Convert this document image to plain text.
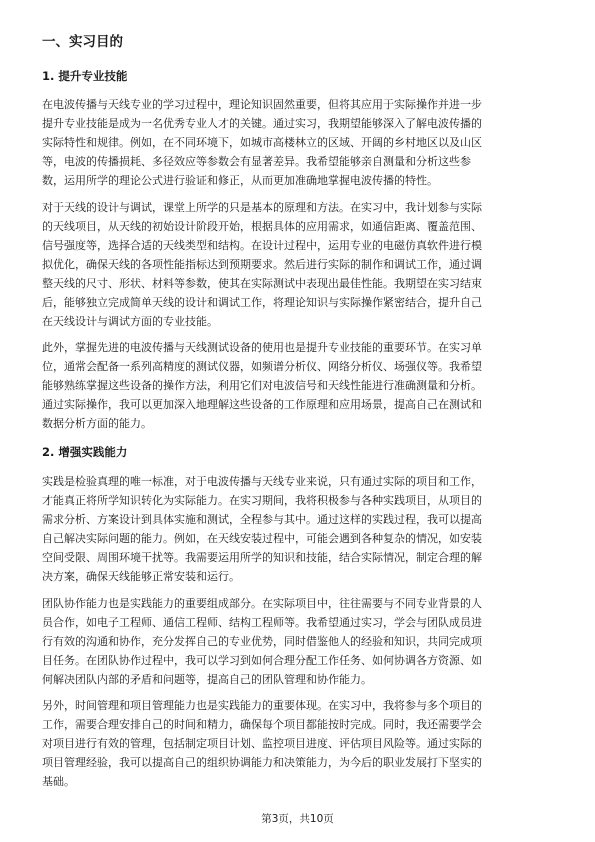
一、实习目的
1. 提升专业技能
在电波传播与天线专业的学习过程中，理论知识固然重要，但将其应用于实际操作并进一步
提升专业技能是成为一名优秀专业人才的关键。通过实习，我期望能够深入了解电波传播的
实际特性和规律。例如，在不同环境下，如城市高楼林立的区域、开阔的乡村地区以及山区
等，电波的传播损耗、多径效应等参数会有显著差异。我希望能够亲自测量和分析这些参
数，运用所学的理论公式进行验证和修正，从而更加准确地掌握电波传播的特性。
对于天线的设计与调试，课堂上所学的只是基本的原理和方法。在实习中，我计划参与实际
的天线项目，从天线的初始设计阶段开始，根据具体的应用需求，如通信距离、覆盖范围、
信号强度等，选择合适的天线类型和结构。在设计过程中，运用专业的电磁仿真软件进行模
拟优化，确保天线的各项性能指标达到预期要求。然后进行实际的制作和调试工作，通过调
整天线的尺寸、形状、材料等参数，使其在实际测试中表现出最佳性能。我期望在实习结束
后，能够独立完成简单天线的设计和调试工作，将理论知识与实际操作紧密结合，提升自己
在天线设计与调试方面的专业技能。
此外，掌握先进的电波传播与天线测试设备的使用也是提升专业技能的重要环节。在实习单
位，通常会配备一系列高精度的测试仪器，如频谱分析仪、网络分析仪、场强仪等。我希望
能够熟练掌握这些设备的操作方法，利用它们对电波信号和天线性能进行准确测量和分析。
通过实际操作，我可以更加深入地理解这些设备的工作原理和应用场景，提高自己在测试和
数据分析方面的能力。
2. 增强实践能力
实践是检验真理的唯一标准，对于电波传播与天线专业来说，只有通过实际的项目和工作，
才能真正将所学知识转化为实际能力。在实习期间，我将积极参与各种实践项目，从项目的
需求分析、方案设计到具体实施和测试，全程参与其中。通过这样的实践过程，我可以提高
自己解决实际问题的能力。例如，在天线安装过程中，可能会遇到各种复杂的情况，如安装
空间受限、周围环境干扰等。我需要运用所学的知识和技能，结合实际情况，制定合理的解
决方案，确保天线能够正常安装和运行。
团队协作能力也是实践能力的重要组成部分。在实际项目中，往往需要与不同专业背景的人
员合作，如电子工程师、通信工程师、结构工程师等。我希望通过实习，学会与团队成员进
行有效的沟通和协作，充分发挥自己的专业优势，同时借鉴他人的经验和知识，共同完成项
目任务。在团队协作过程中，我可以学习到如何合理分配工作任务、如何协调各方资源、如
何解决团队内部的矛盾和问题等，提高自己的团队管理和协作能力。
另外，时间管理和项目管理能力也是实践能力的重要体现。在实习中，我将参与多个项目的
工作，需要合理安排自己的时间和精力，确保每个项目都能按时完成。同时，我还需要学会
对项目进行有效的管理，包括制定项目计划、监控项目进度、评估项目风险等。通过实际的
项目管理经验，我可以提高自己的组织协调能力和决策能力，为今后的职业发展打下坚实的
基础。
第3页，共10页
